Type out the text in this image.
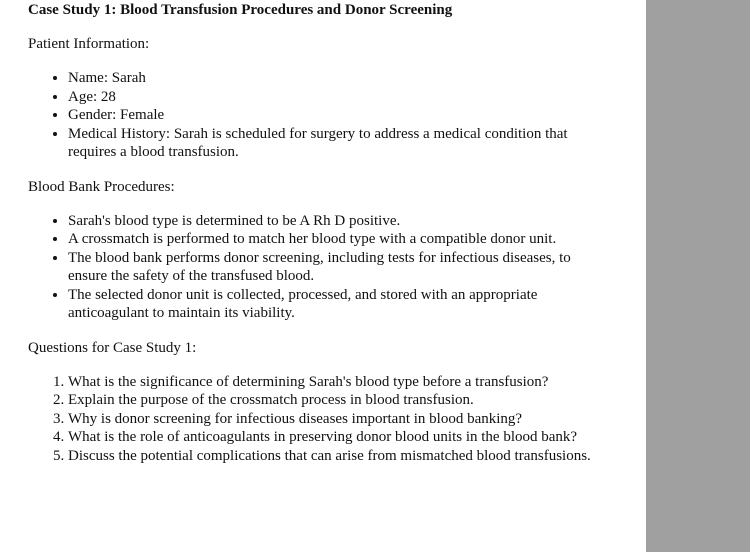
Case Study 1: Blood Transfusion Procedures and Donor Screening

Patient Information:

• Name: Sarah
• Age: 28
• Gender: Female
• Medical History: Sarah is scheduled for surgery to address a medical condition that requires a blood transfusion.

Blood Bank Procedures:

• Sarah's blood type is determined to be A Rh D positive.
• A crossmatch is performed to match her blood type with a compatible donor unit.
• The blood bank performs donor screening, including tests for infectious diseases, to ensure the safety of the transfused blood.
• The selected donor unit is collected, processed, and stored with an appropriate anticoagulant to maintain its viability.

Questions for Case Study 1:

1. What is the significance of determining Sarah's blood type before a transfusion?
2. Explain the purpose of the crossmatch process in blood transfusion.
3. Why is donor screening for infectious diseases important in blood banking?
4. What is the role of anticoagulants in preserving donor blood units in the blood bank?
5. Discuss the potential complications that can arise from mismatched blood transfusions.
